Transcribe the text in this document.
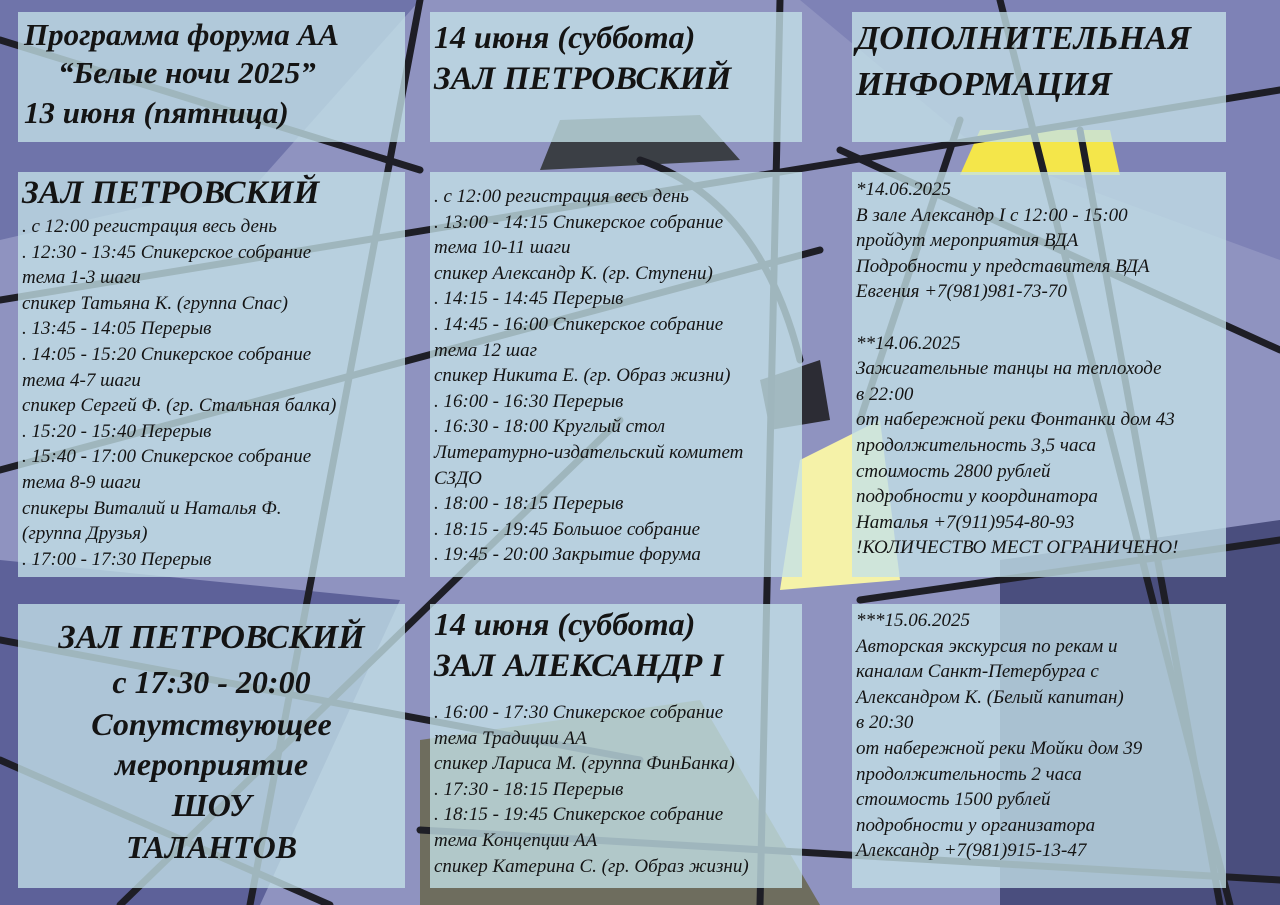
Программа форума АА
“Белые ночи 2025”
13 июня (пятница)
14 июня (суббота)
ЗАЛ ПЕТРОВСКИЙ
ДОПОЛНИТЕЛЬНАЯ
ИНФОРМАЦИЯ
ЗАЛ ПЕТРОВСКИЙ
. с 12:00 регистрация весь день
. 12:30 - 13:45 Спикерское собрание
тема 1-3 шаги
спикер Татьяна К. (группа Спас)
. 13:45 - 14:05 Перерыв
. 14:05 - 15:20 Спикерское собрание
тема 4-7 шаги
спикер Сергей Ф. (гр. Стальная балка)
. 15:20 - 15:40 Перерыв
. 15:40 - 17:00 Спикерское собрание
тема 8-9 шаги
спикеры Виталий и Наталья Ф.
(группа Друзья)
. 17:00 - 17:30 Перерыв
. с 12:00 регистрация весь день
. 13:00 - 14:15 Спикерское собрание
тема 10-11 шаги
спикер Александр К. (гр. Ступени)
. 14:15 - 14:45 Перерыв
. 14:45 - 16:00 Спикерское собрание
тема 12 шаг
спикер Никита Е. (гр. Образ жизни)
. 16:00 - 16:30 Перерыв
. 16:30 - 18:00 Круглый стол
Литературно-издательский комитет
СЗДО
. 18:00 - 18:15 Перерыв
. 18:15 - 19:45 Большое собрание
. 19:45 - 20:00 Закрытие форума
*14.06.2025
В зале Александр I с 12:00 - 15:00
пройдут мероприятия ВДА
Подробности у представителя ВДА
Евгения +7(981)981-73-70

**14.06.2025
Зажигательные танцы на теплоходе
в 22:00
от набережной реки Фонтанки дом 43
продолжительность 3,5 часа
стоимость 2800 рублей
подробности у координатора
Наталья +7(911)954-80-93
!КОЛИЧЕСТВО МЕСТ ОГРАНИЧЕНО!
ЗАЛ ПЕТРОВСКИЙ
с 17:30 - 20:00
Сопутствующее
мероприятие
ШОУ
ТАЛАНТОВ
14 июня (суббота)
ЗАЛ АЛЕКСАНДР I
. 16:00 - 17:30 Спикерское собрание
тема Традиции АА
спикер Лариса М. (группа ФинБанка)
. 17:30 - 18:15 Перерыв
. 18:15 - 19:45 Спикерское собрание
тема Концепции АА
спикер Катерина С. (гр. Образ жизни)
***15.06.2025
Авторская экскурсия по рекам и
каналам Санкт-Петербурга с
Александром К. (Белый капитан)
в 20:30
от набережной реки Мойки дом 39
продолжительность 2 часа
стоимость 1500 рублей
подробности у организатора
Александр +7(981)915-13-47
